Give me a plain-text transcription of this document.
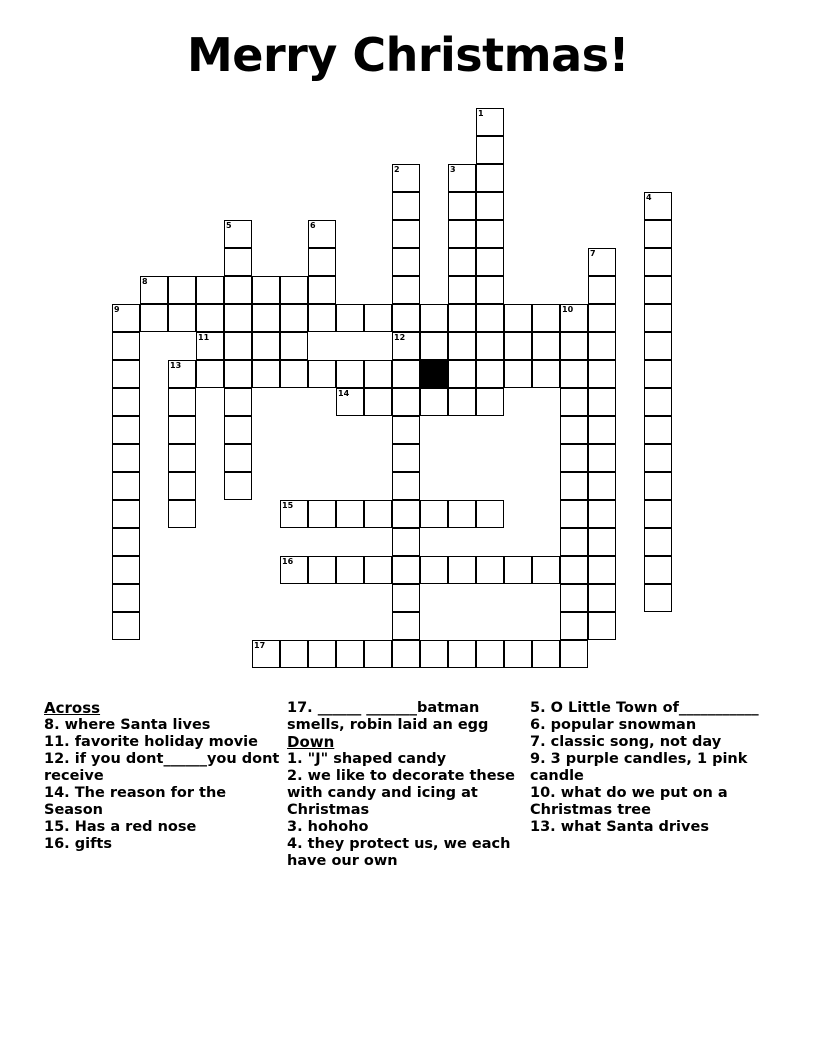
Merry Christmas!
1
2	3
4
5	6
7
8
9	10
11	12
13
14
15
16
17
Across
8. where Santa lives
11. favorite holiday movie
12. if you dont______you dont receive
14. The reason for the Season
15. Has a red nose
16. gifts
17. ______ _______batman smells, robin laid an egg
Down
1. "J" shaped candy
2. we like to decorate these with candy and icing at Christmas
3. hohoho
4. they protect us, we each have our own
5. O Little Town of___________
6. popular snowman
7. classic song, not day
9. 3 purple candles, 1 pink candle
10. what do we put on a Christmas tree
13. what Santa drives
